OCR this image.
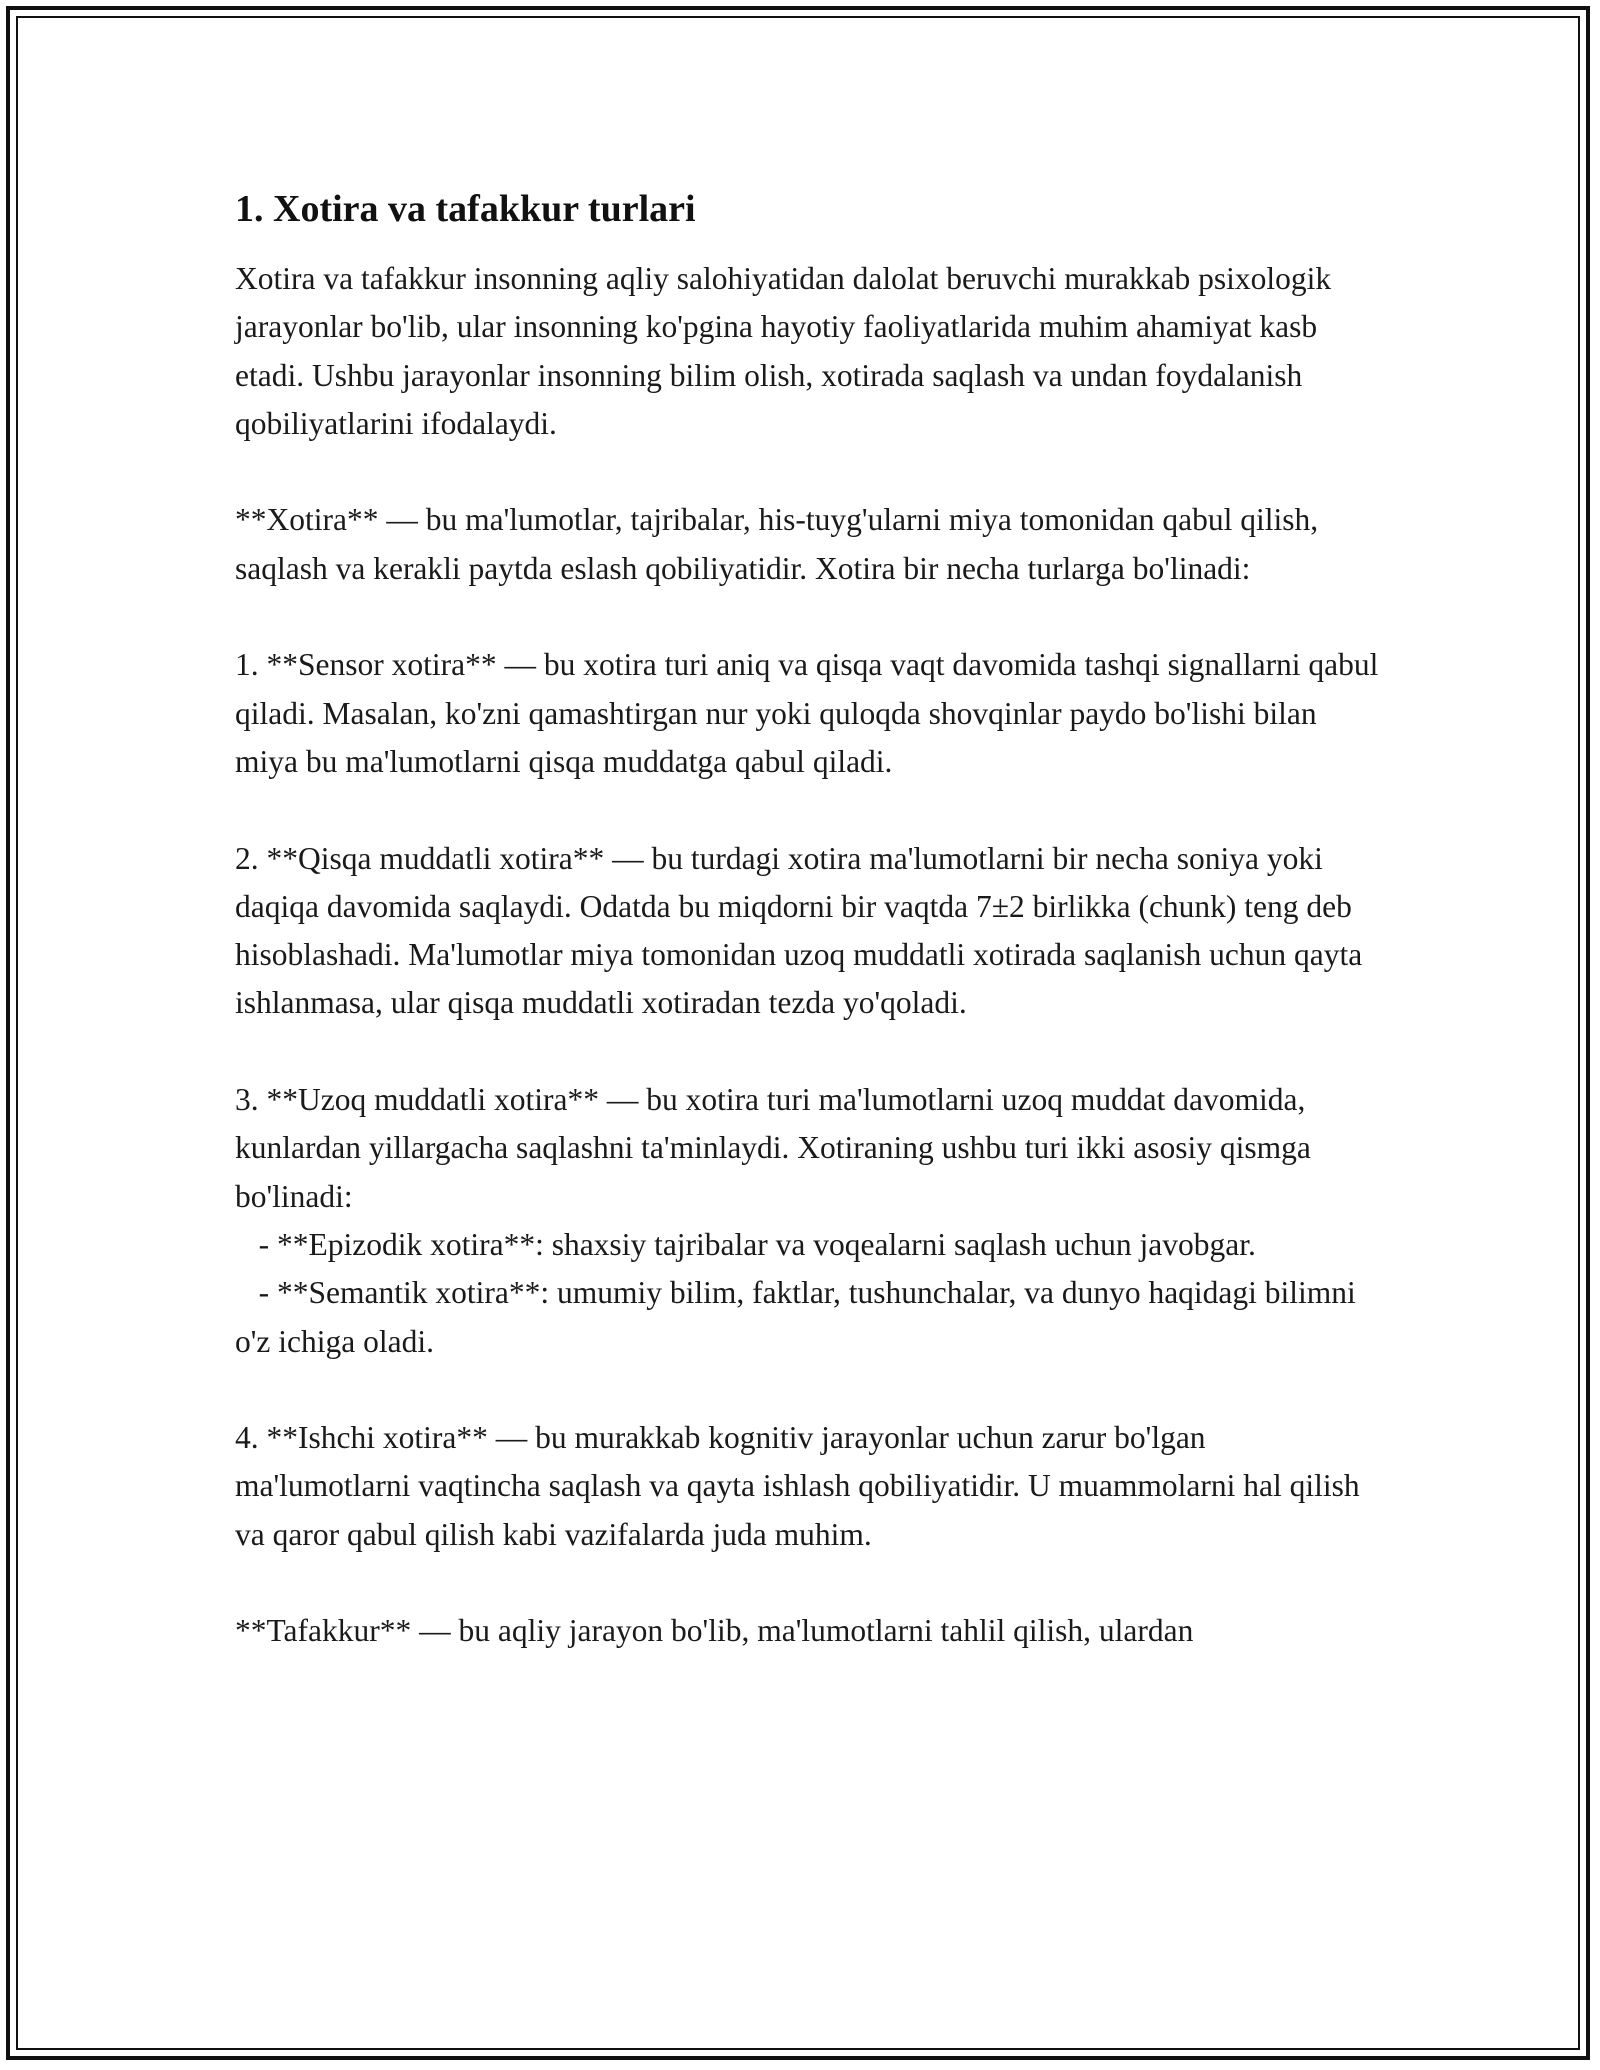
1. Xotira va tafakkur turlari

Xotira va tafakkur insonning aqliy salohiyatidan dalolat beruvchi murakkab psixologik jarayonlar bo'lib, ular insonning ko'pgina hayotiy faoliyatlarida muhim ahamiyat kasb etadi. Ushbu jarayonlar insonning bilim olish, xotirada saqlash va undan foydalanish qobiliyatlarini ifodalaydi.

**Xotira** — bu ma'lumotlar, tajribalar, his-tuyg'ularni miya tomonidan qabul qilish, saqlash va kerakli paytda eslash qobiliyatidir. Xotira bir necha turlarga bo'linadi:

1. **Sensor xotira** — bu xotira turi aniq va qisqa vaqt davomida tashqi signallarni qabul qiladi. Masalan, ko'zni qamashtirgan nur yoki quloqda shovqinlar paydo bo'lishi bilan miya bu ma'lumotlarni qisqa muddatga qabul qiladi.

2. **Qisqa muddatli xotira** — bu turdagi xotira ma'lumotlarni bir necha soniya yoki daqiqa davomida saqlaydi. Odatda bu miqdorni bir vaqtda 7±2 birlikka (chunk) teng deb hisoblashadi. Ma'lumotlar miya tomonidan uzoq muddatli xotirada saqlanish uchun qayta ishlanmasa, ular qisqa muddatli xotiradan tezda yo'qoladi.

3. **Uzoq muddatli xotira** — bu xotira turi ma'lumotlarni uzoq muddat davomida, kunlardan yillargacha saqlashni ta'minlaydi. Xotiraning ushbu turi ikki asosiy qismga bo'linadi:
- **Epizodik xotira**: shaxsiy tajribalar va voqealarni saqlash uchun javobgar.
- **Semantik xotira**: umumiy bilim, faktlar, tushunchalar, va dunyo haqidagi bilimni o'z ichiga oladi.

4. **Ishchi xotira** — bu murakkab kognitiv jarayonlar uchun zarur bo'lgan ma'lumotlarni vaqtincha saqlash va qayta ishlash qobiliyatidir. U muammolarni hal qilish va qaror qabul qilish kabi vazifalarda juda muhim.

**Tafakkur** — bu aqliy jarayon bo'lib, ma'lumotlarni tahlil qilish, ulardan
